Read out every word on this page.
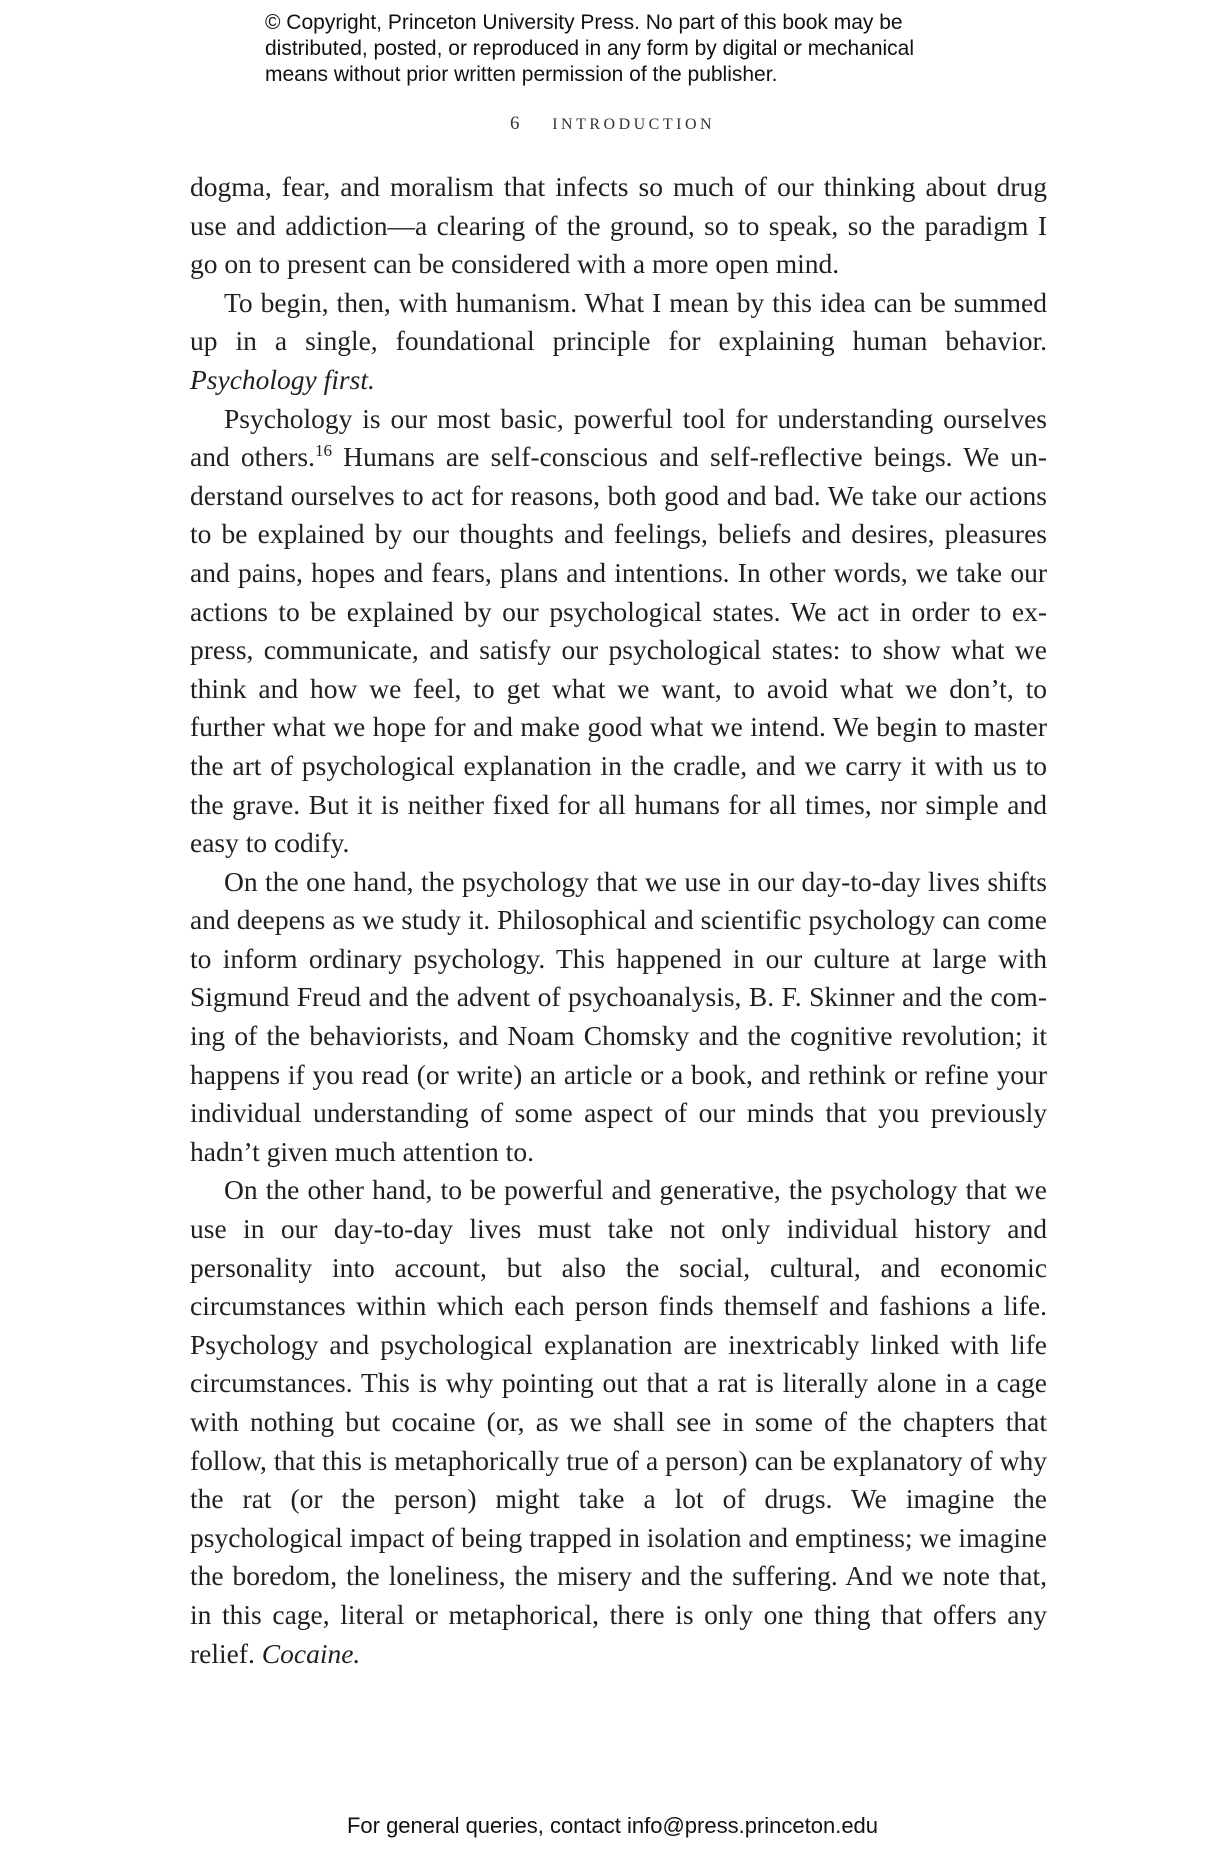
© Copyright, Princeton University Press. No part of this book may be
distributed, posted, or reproduced in any form by digital or mechanical
means without prior written permission of the publisher.
6 INTRODUCTION

dogma, fear, and moralism that infects so much of our thinking about drug use and addiction—a clearing of the ground, so to speak, so the paradigm I go on to present can be considered with a more open mind.

To begin, then, with humanism. What I mean by this idea can be summed up in a single, foundational principle for explaining human behavior. Psychology first.

Psychology is our most basic, powerful tool for understanding ourselves and others.$^{16}$ Humans are self-conscious and self-reflective beings. We understand ourselves to act for reasons, both good and bad. We take our actions to be explained by our thoughts and feelings, beliefs and desires, pleasures and pains, hopes and fears, plans and intentions. In other words, we take our actions to be explained by our psychological states. We act in order to express, communicate, and satisfy our psychological states: to show what we think and how we feel, to get what we want, to avoid what we don’t, to further what we hope for and make good what we intend. We begin to master the art of psychological explanation in the cradle, and we carry it with us to the grave. But it is neither fixed for all humans for all times, nor simple and easy to codify.

On the one hand, the psychology that we use in our day-to-day lives shifts and deepens as we study it. Philosophical and scientific psychology can come to inform ordinary psychology. This happened in our culture at large with Sigmund Freud and the advent of psychoanalysis, B. F. Skinner and the coming of the behaviorists, and Noam Chomsky and the cognitive revolution; it happens if you read (or write) an article or a book, and rethink or refine your individual understanding of some aspect of our minds that you previously hadn’t given much attention to.

On the other hand, to be powerful and generative, the psychology that we use in our day-to-day lives must take not only individual history and personality into account, but also the social, cultural, and economic circumstances within which each person finds themself and fashions a life. Psychology and psychological explanation are inextricably linked with life circumstances. This is why pointing out that a rat is literally alone in a cage with nothing but cocaine (or, as we shall see in some of the chapters that follow, that this is metaphorically true of a person) can be explanatory of why the rat (or the person) might take a lot of drugs. We imagine the psychological impact of being trapped in isolation and emptiness; we imagine the boredom, the loneliness, the misery and the suffering. And we note that, in this cage, literal or metaphorical, there is only one thing that offers any relief. Cocaine.

For general queries, contact info@press.princeton.edu
